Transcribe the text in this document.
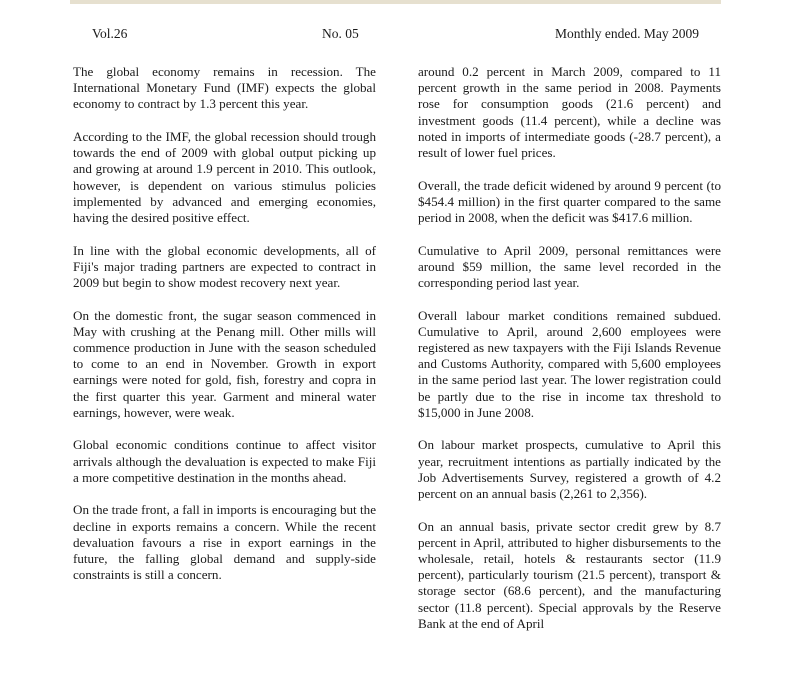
Vol.26	No. 05	Monthly ended. May 2009

The global economy remains in recession. The International Monetary Fund (IMF) expects the global economy to contract by 1.3 percent this year.

According to the IMF, the global recession should trough towards the end of 2009 with global output picking up and growing at around 1.9 percent in 2010. This outlook, however, is dependent on various stimulus policies implemented by advanced and emerging economies, having the desired positive effect.

In line with the global economic developments, all of Fiji's major trading partners are expected to contract in 2009 but begin to show modest recovery next year.

On the domestic front, the sugar season commenced in May with crushing at the Penang mill. Other mills will commence production in June with the season scheduled to come to an end in November. Growth in export earnings were noted for gold, fish, forestry and copra in the first quarter this year. Garment and mineral water earnings, however, were weak.

Global economic conditions continue to affect visitor arrivals although the devaluation is expected to make Fiji a more competitive destination in the months ahead.

On the trade front, a fall in imports is encouraging but the decline in exports remains a concern. While the recent devaluation favours a rise in export earnings in the future, the falling global demand and supply-side constraints is still a concern.

around 0.2 percent in March 2009, compared to 11 percent growth in the same period in 2008. Payments rose for consumption goods (21.6 percent) and investment goods (11.4 percent), while a decline was noted in imports of intermediate goods (-28.7 percent), a result of lower fuel prices.

Overall, the trade deficit widened by around 9 percent (to $454.4 million) in the first quarter compared to the same period in 2008, when the deficit was $417.6 million.

Cumulative to April 2009, personal remittances were around $59 million, the same level recorded in the corresponding period last year.

Overall labour market conditions remained subdued. Cumulative to April, around 2,600 employees were registered as new taxpayers with the Fiji Islands Revenue and Customs Authority, compared with 5,600 employees in the same period last year. The lower registration could be partly due to the rise in income tax threshold to $15,000 in June 2008.

On labour market prospects, cumulative to April this year, recruitment intentions as partially indicated by the Job Advertisements Survey, registered a growth of 4.2 percent on an annual basis (2,261 to 2,356).

On an annual basis, private sector credit grew by 8.7 percent in April, attributed to higher disbursements to the wholesale, retail, hotels & restaurants sector (11.9 percent), particularly tourism (21.5 percent), transport & storage sector (68.6 percent), and the manufacturing sector (11.8 percent). Special approvals by the Reserve Bank at the end of April
